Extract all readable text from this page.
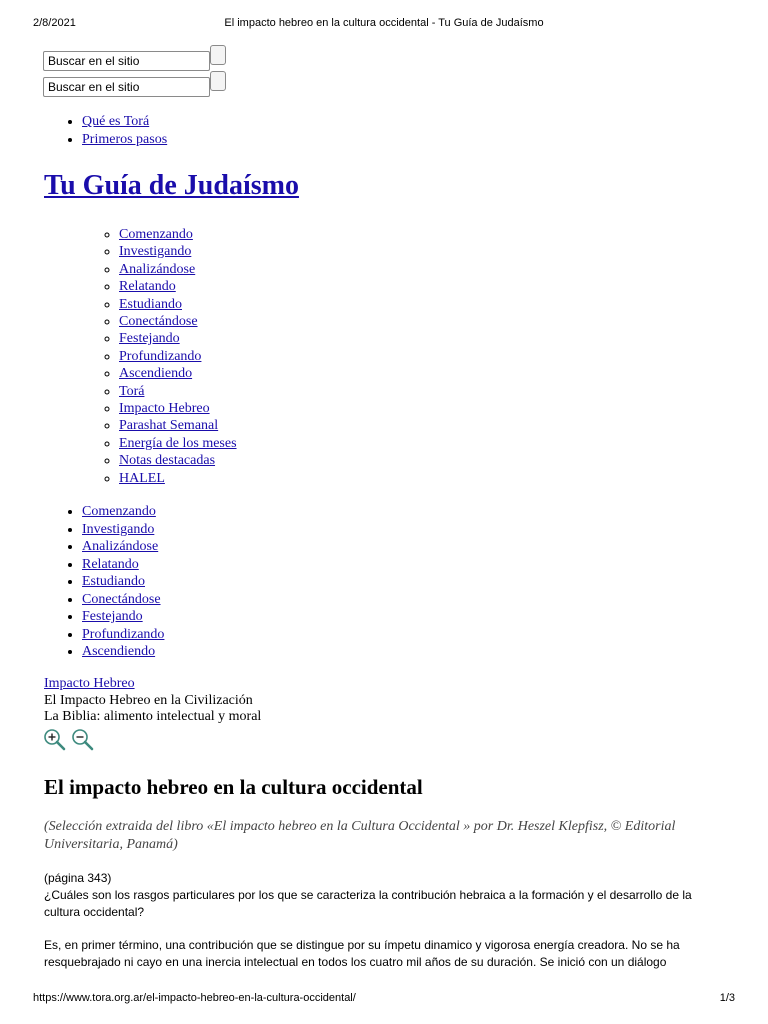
2/8/2021	El impacto hebreo en la cultura occidental - Tu Guía de Judaísmo
Buscar en el sitio
Buscar en el sitio
• Qué es Torá
• Primeros pasos
Tu Guía de Judaísmo
◦ Comenzando
◦ Investigando
◦ Analizándose
◦ Relatando
◦ Estudiando
◦ Conectándose
◦ Festejando
◦ Profundizando
◦ Ascendiendo
◦ Torá
◦ Impacto Hebreo
◦ Parashat Semanal
◦ Energía de los meses
◦ Notas destacadas
◦ HALEL
• Comenzando
• Investigando
• Analizándose
• Relatando
• Estudiando
• Conectándose
• Festejando
• Profundizando
• Ascendiendo
Impacto Hebreo
El Impacto Hebreo en la Civilización
La Biblia: alimento intelectual y moral

El impacto hebreo en la cultura occidental
(Selección extraida del libro «El impacto hebreo en la Cultura Occidental » por Dr. Heszel Klepfisz, © Editorial Universitaria, Panamá)
(página 343)
¿Cuáles son los rasgos particulares por los que se caracteriza la contribución hebraica a la formación y el desarrollo de la cultura occidental?
Es, en primer término, una contribución que se distingue por su ímpetu dinamico y vigorosa energía creadora. No se ha resquebrajado ni cayo en una inercia intelectual en todos los cuatro mil años de su duración. Se inició con un diálogo
https://www.tora.org.ar/el-impacto-hebreo-en-la-cultura-occidental/	1/3
